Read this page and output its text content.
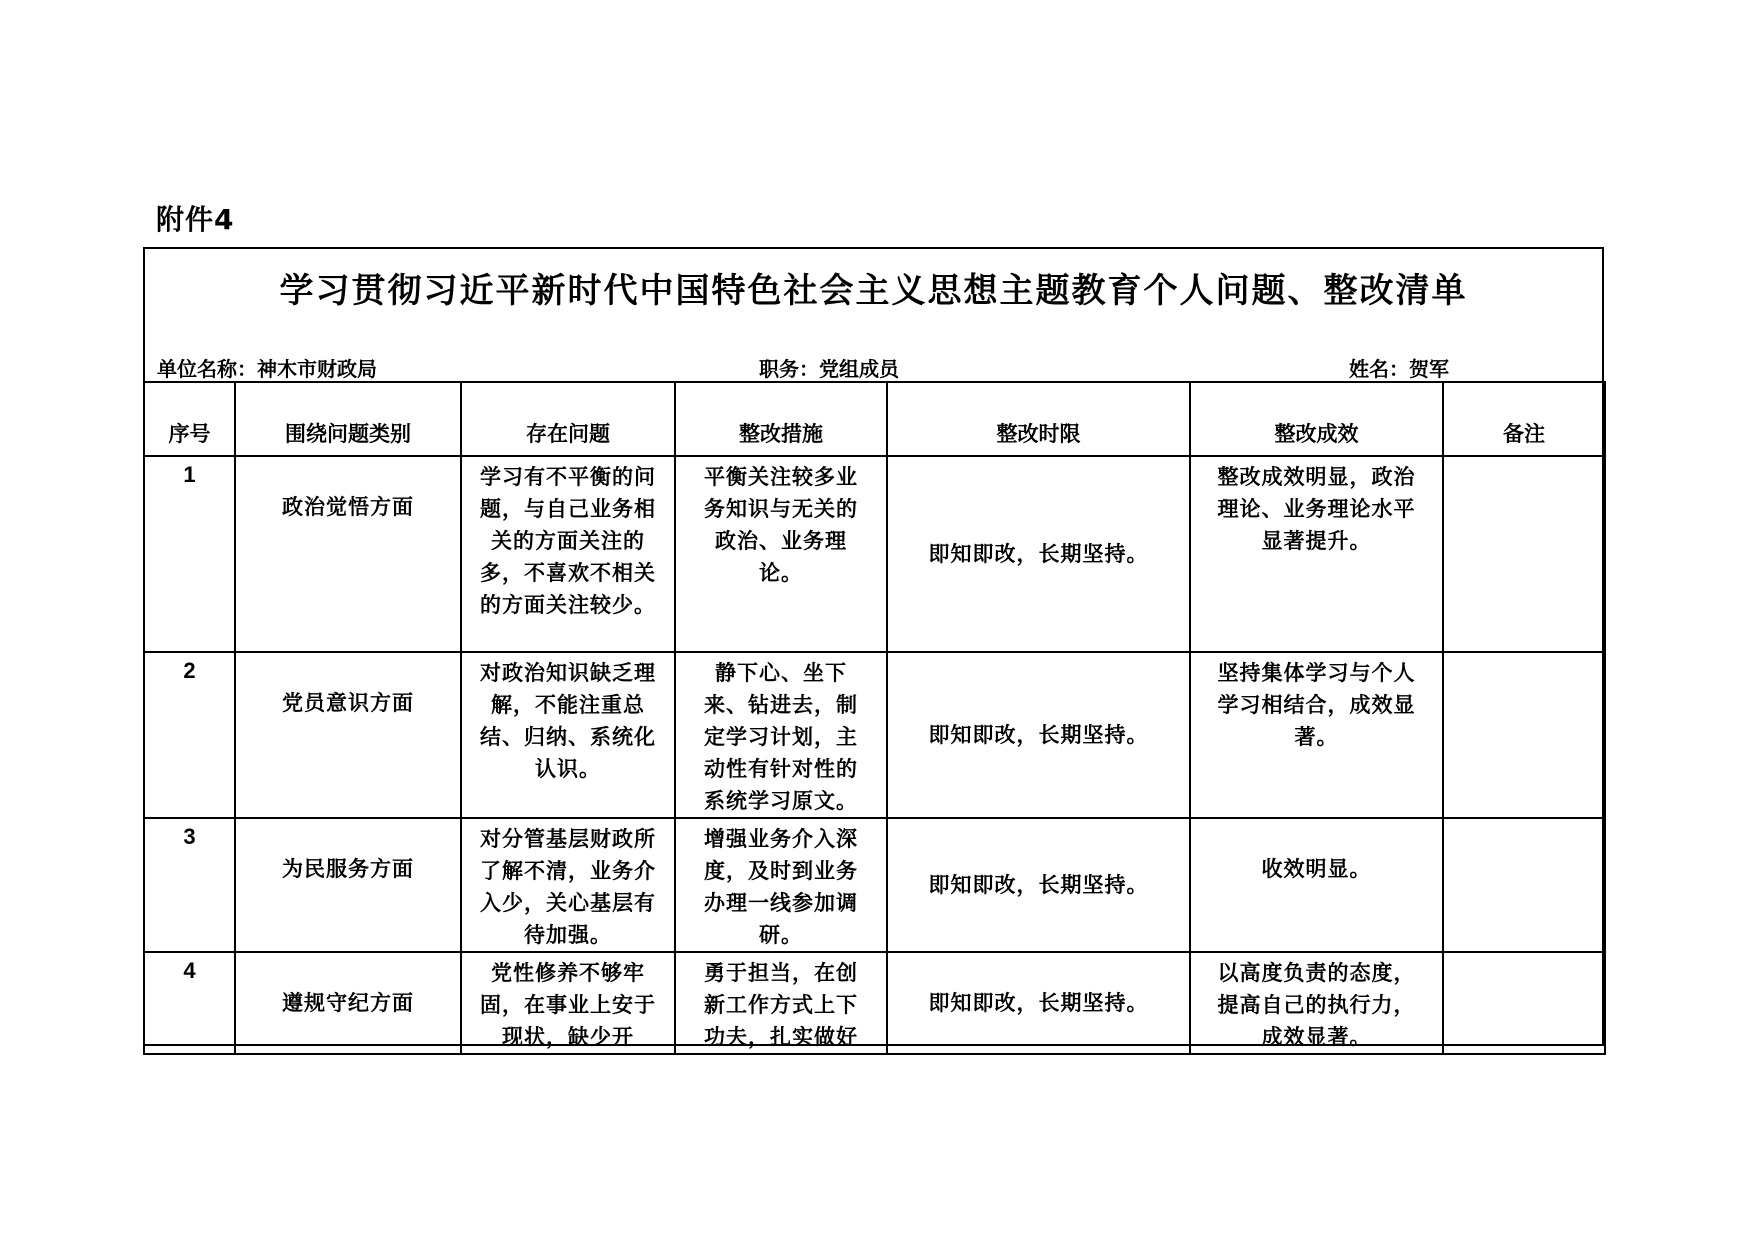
附件4
学习贯彻习近平新时代中国特色社会主义思想主题教育个人问题、整改清单
单位名称：神木市财政局	职务：党组成员	姓名：贺军
序号	围绕问题类别	存在问题	整改措施	整改时限	整改成效	备注
1	政治觉悟方面	学习有不平衡的问题，与自己业务相关的方面关注的多，不喜欢不相关的方面关注较少。	平衡关注较多业务知识与无关的政治、业务理论。	即知即改，长期坚持。	整改成效明显，政治理论、业务理论水平显著提升。	
2	党员意识方面	对政治知识缺乏理解，不能注重总结、归纳、系统化认识。	静下心、坐下来、钻进去，制定学习计划，主动性有针对性的系统学习原文。	即知即改，长期坚持。	坚持集体学习与个人学习相结合，成效显著。	
3	为民服务方面	对分管基层财政所了解不清，业务介入少，关心基层有待加强。	增强业务介入深度，及时到业务办理一线参加调研。	即知即改，长期坚持。	收效明显。	
4	遵规守纪方面	党性修养不够牢固，在事业上安于现状，缺少开	勇于担当，在创新工作方式上下功夫，扎实做好	即知即改，长期坚持。	以高度负责的态度，提高自己的执行力，成效显著。	
